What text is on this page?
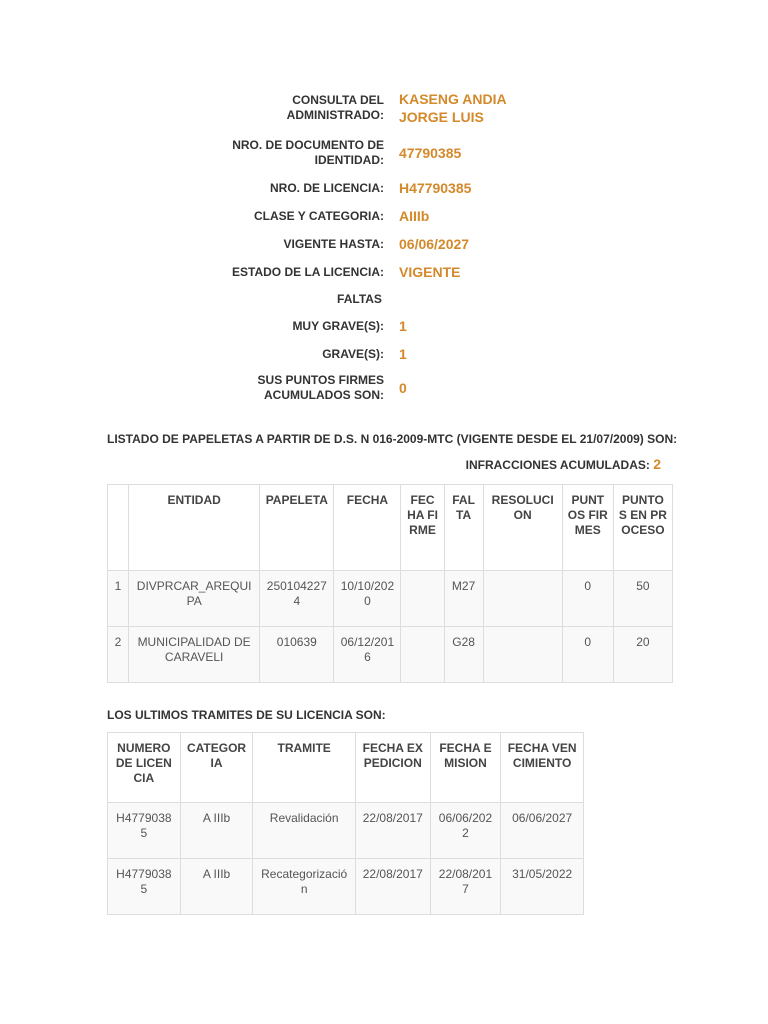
CONSULTA DEL ADMINISTRADO:
KASENG ANDIA JORGE LUIS
NRO. DE DOCUMENTO DE IDENTIDAD:	47790385
NRO. DE LICENCIA:	H47790385
CLASE Y CATEGORIA:	AIIIb
VIGENTE HASTA:	06/06/2027
ESTADO DE LA LICENCIA:	VIGENTE
FALTAS
MUY GRAVE(S):	1
GRAVE(S):	1
SUS PUNTOS FIRMES ACUMULADOS SON:	0
LISTADO DE PAPELETAS A PARTIR DE D.S. N 016-2009-MTC (VIGENTE DESDE EL 21/07/2009) SON:
INFRACCIONES ACUMULADAS: 2
	ENTIDAD	PAPELETA	FECHA	FECHA FIRME	FALTA	RESOLUCION	PUNTOS FIRMES	PUNTOS EN PROCESO
1	DIVPRCAR_AREQUIPA	2501042274	10/10/2020		M27		0	50
2	MUNICIPALIDAD DE CARAVELI	010639	06/12/2016		G28		0	20
LOS ULTIMOS TRAMITES DE SU LICENCIA SON:
NUMERO DE LICENCIA	CATEGORIA	TRAMITE	FECHA EXPEDICION	FECHA EMISION	FECHA VENCIMIENTO
H47790385	A IIIb	Revalidación	22/08/2017	06/06/2022	06/06/2027
H47790385	A IIIb	Recategorización	22/08/2017	22/08/2017	31/05/2022
